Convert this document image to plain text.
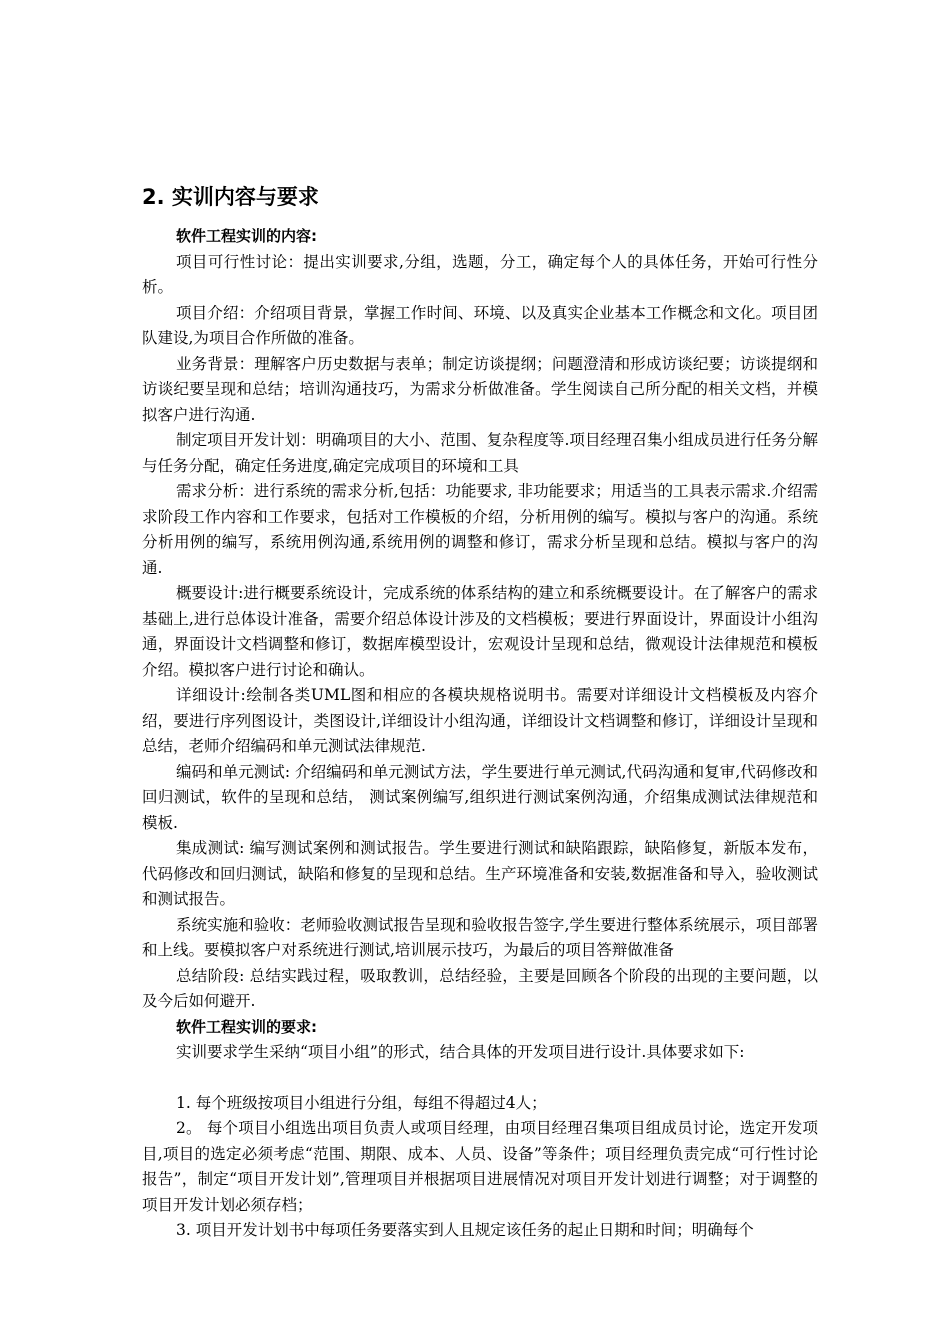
2. 实训内容与要求

软件工程实训的内容:

项目可行性讨论：提出实训要求,分组，选题，分工，确定每个人的具体任务，开始可行性分析。

项目介绍：介绍项目背景，掌握工作时间、环境、以及真实企业基本工作概念和文化。项目团队建设,为项目合作所做的准备。

业务背景：理解客户历史数据与表单；制定访谈提纲；问题澄清和形成访谈纪要；访谈提纲和访谈纪要呈现和总结；培训沟通技巧，为需求分析做准备。学生阅读自己所分配的相关文档，并模拟客户进行沟通.

制定项目开发计划：明确项目的大小、范围、复杂程度等.项目经理召集小组成员进行任务分解与任务分配，确定任务进度,确定完成项目的环境和工具

需求分析：进行系统的需求分析,包括：功能要求, 非功能要求；用适当的工具表示需求.介绍需求阶段工作内容和工作要求，包括对工作模板的介绍，分析用例的编写。模拟与客户的沟通。系统分析用例的编写，系统用例沟通,系统用例的调整和修订，需求分析呈现和总结。模拟与客户的沟通.

概要设计:进行概要系统设计，完成系统的体系结构的建立和系统概要设计。在了解客户的需求基础上,进行总体设计准备，需要介绍总体设计涉及的文档模板；要进行界面设计，界面设计小组沟通，界面设计文档调整和修订，数据库模型设计，宏观设计呈现和总结，微观设计法律规范和模板介绍。模拟客户进行讨论和确认。

详细设计:绘制各类UML图和相应的各模块规格说明书。需要对详细设计文档模板及内容介绍，要进行序列图设计，类图设计,详细设计小组沟通，详细设计文档调整和修订，详细设计呈现和总结，老师介绍编码和单元测试法律规范.

编码和单元测试: 介绍编码和单元测试方法，学生要进行单元测试,代码沟通和复审,代码修改和回归测试，软件的呈现和总结， 测试案例编写,组织进行测试案例沟通，介绍集成测试法律规范和模板.

集成测试: 编写测试案例和测试报告。学生要进行测试和缺陷跟踪，缺陷修复，新版本发布，代码修改和回归测试，缺陷和修复的呈现和总结。生产环境准备和安装,数据准备和导入，验收测试和测试报告。

系统实施和验收：老师验收测试报告呈现和验收报告签字,学生要进行整体系统展示，项目部署和上线。要模拟客户对系统进行测试,培训展示技巧，为最后的项目答辩做准备

总结阶段: 总结实践过程，吸取教训，总结经验，主要是回顾各个阶段的出现的主要问题，以及今后如何避开.

软件工程实训的要求:

实训要求学生采纳“项目小组”的形式，结合具体的开发项目进行设计.具体要求如下:

1. 每个班级按项目小组进行分组，每组不得超过4人；

2。 每个项目小组选出项目负责人或项目经理，由项目经理召集项目组成员讨论，选定开发项目,项目的选定必须考虑“范围、期限、成本、人员、设备”等条件；项目经理负责完成“可行性讨论报告”，制定“项目开发计划”,管理项目并根据项目进展情况对项目开发计划进行调整；对于调整的项目开发计划必须存档；

3. 项目开发计划书中每项任务要落实到人且规定该任务的起止日期和时间；明确每个
